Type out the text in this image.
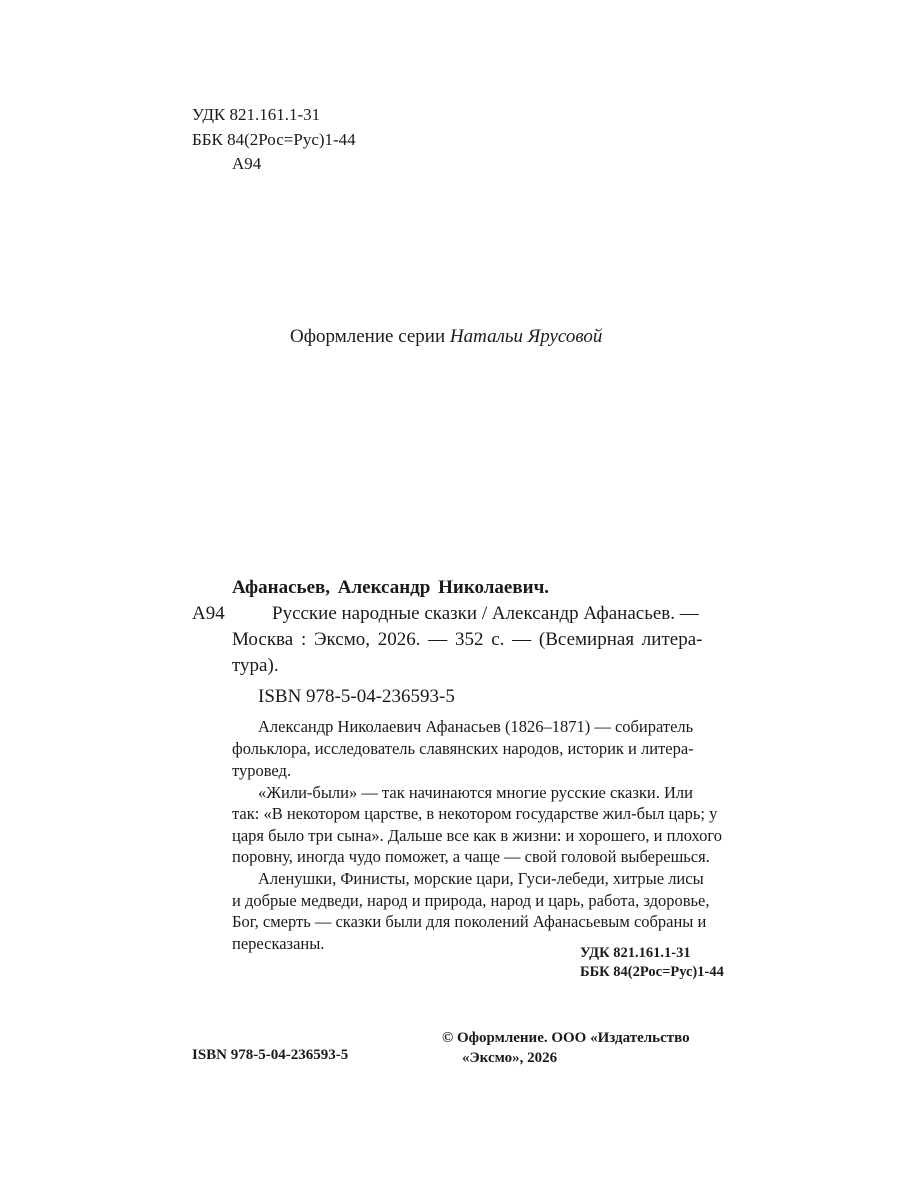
УДК 821.161.1-31
ББК 84(2Рос=Рус)1-44
А94
Оформление серии Натальи Ярусовой
Афанасьев, Александр Николаевич.
А94 Русские народные сказки / Александр Афанасьев. —
Москва : Эксмо, 2026. — 352 с. — (Всемирная литера-
тура).
ISBN 978-5-04-236593-5
Александр Николаевич Афанасьев (1826–1871) — собиратель
фольклора, исследователь славянских народов, историк и литера-
туровед.
«Жили-были» — так начинаются многие русские сказки. Или
так: «В некотором царстве, в некотором государстве жил-был царь; у
царя было три сына». Дальше все как в жизни: и хорошего, и плохого
поровну, иногда чудо поможет, а чаще — свой головой выберешься.
Аленушки, Финисты, морские цари, Гуси-лебеди, хитрые лисы
и добрые медведи, народ и природа, народ и царь, работа, здоровье,
Бог, смерть — сказки были для поколений Афанасьевым собраны и
пересказаны.	УДК 821.161.1-31
ББК 84(2Рос=Рус)1-44
ISBN 978-5-04-236593-5
© Оформление. ООО «Издательство
«Эксмо», 2026
